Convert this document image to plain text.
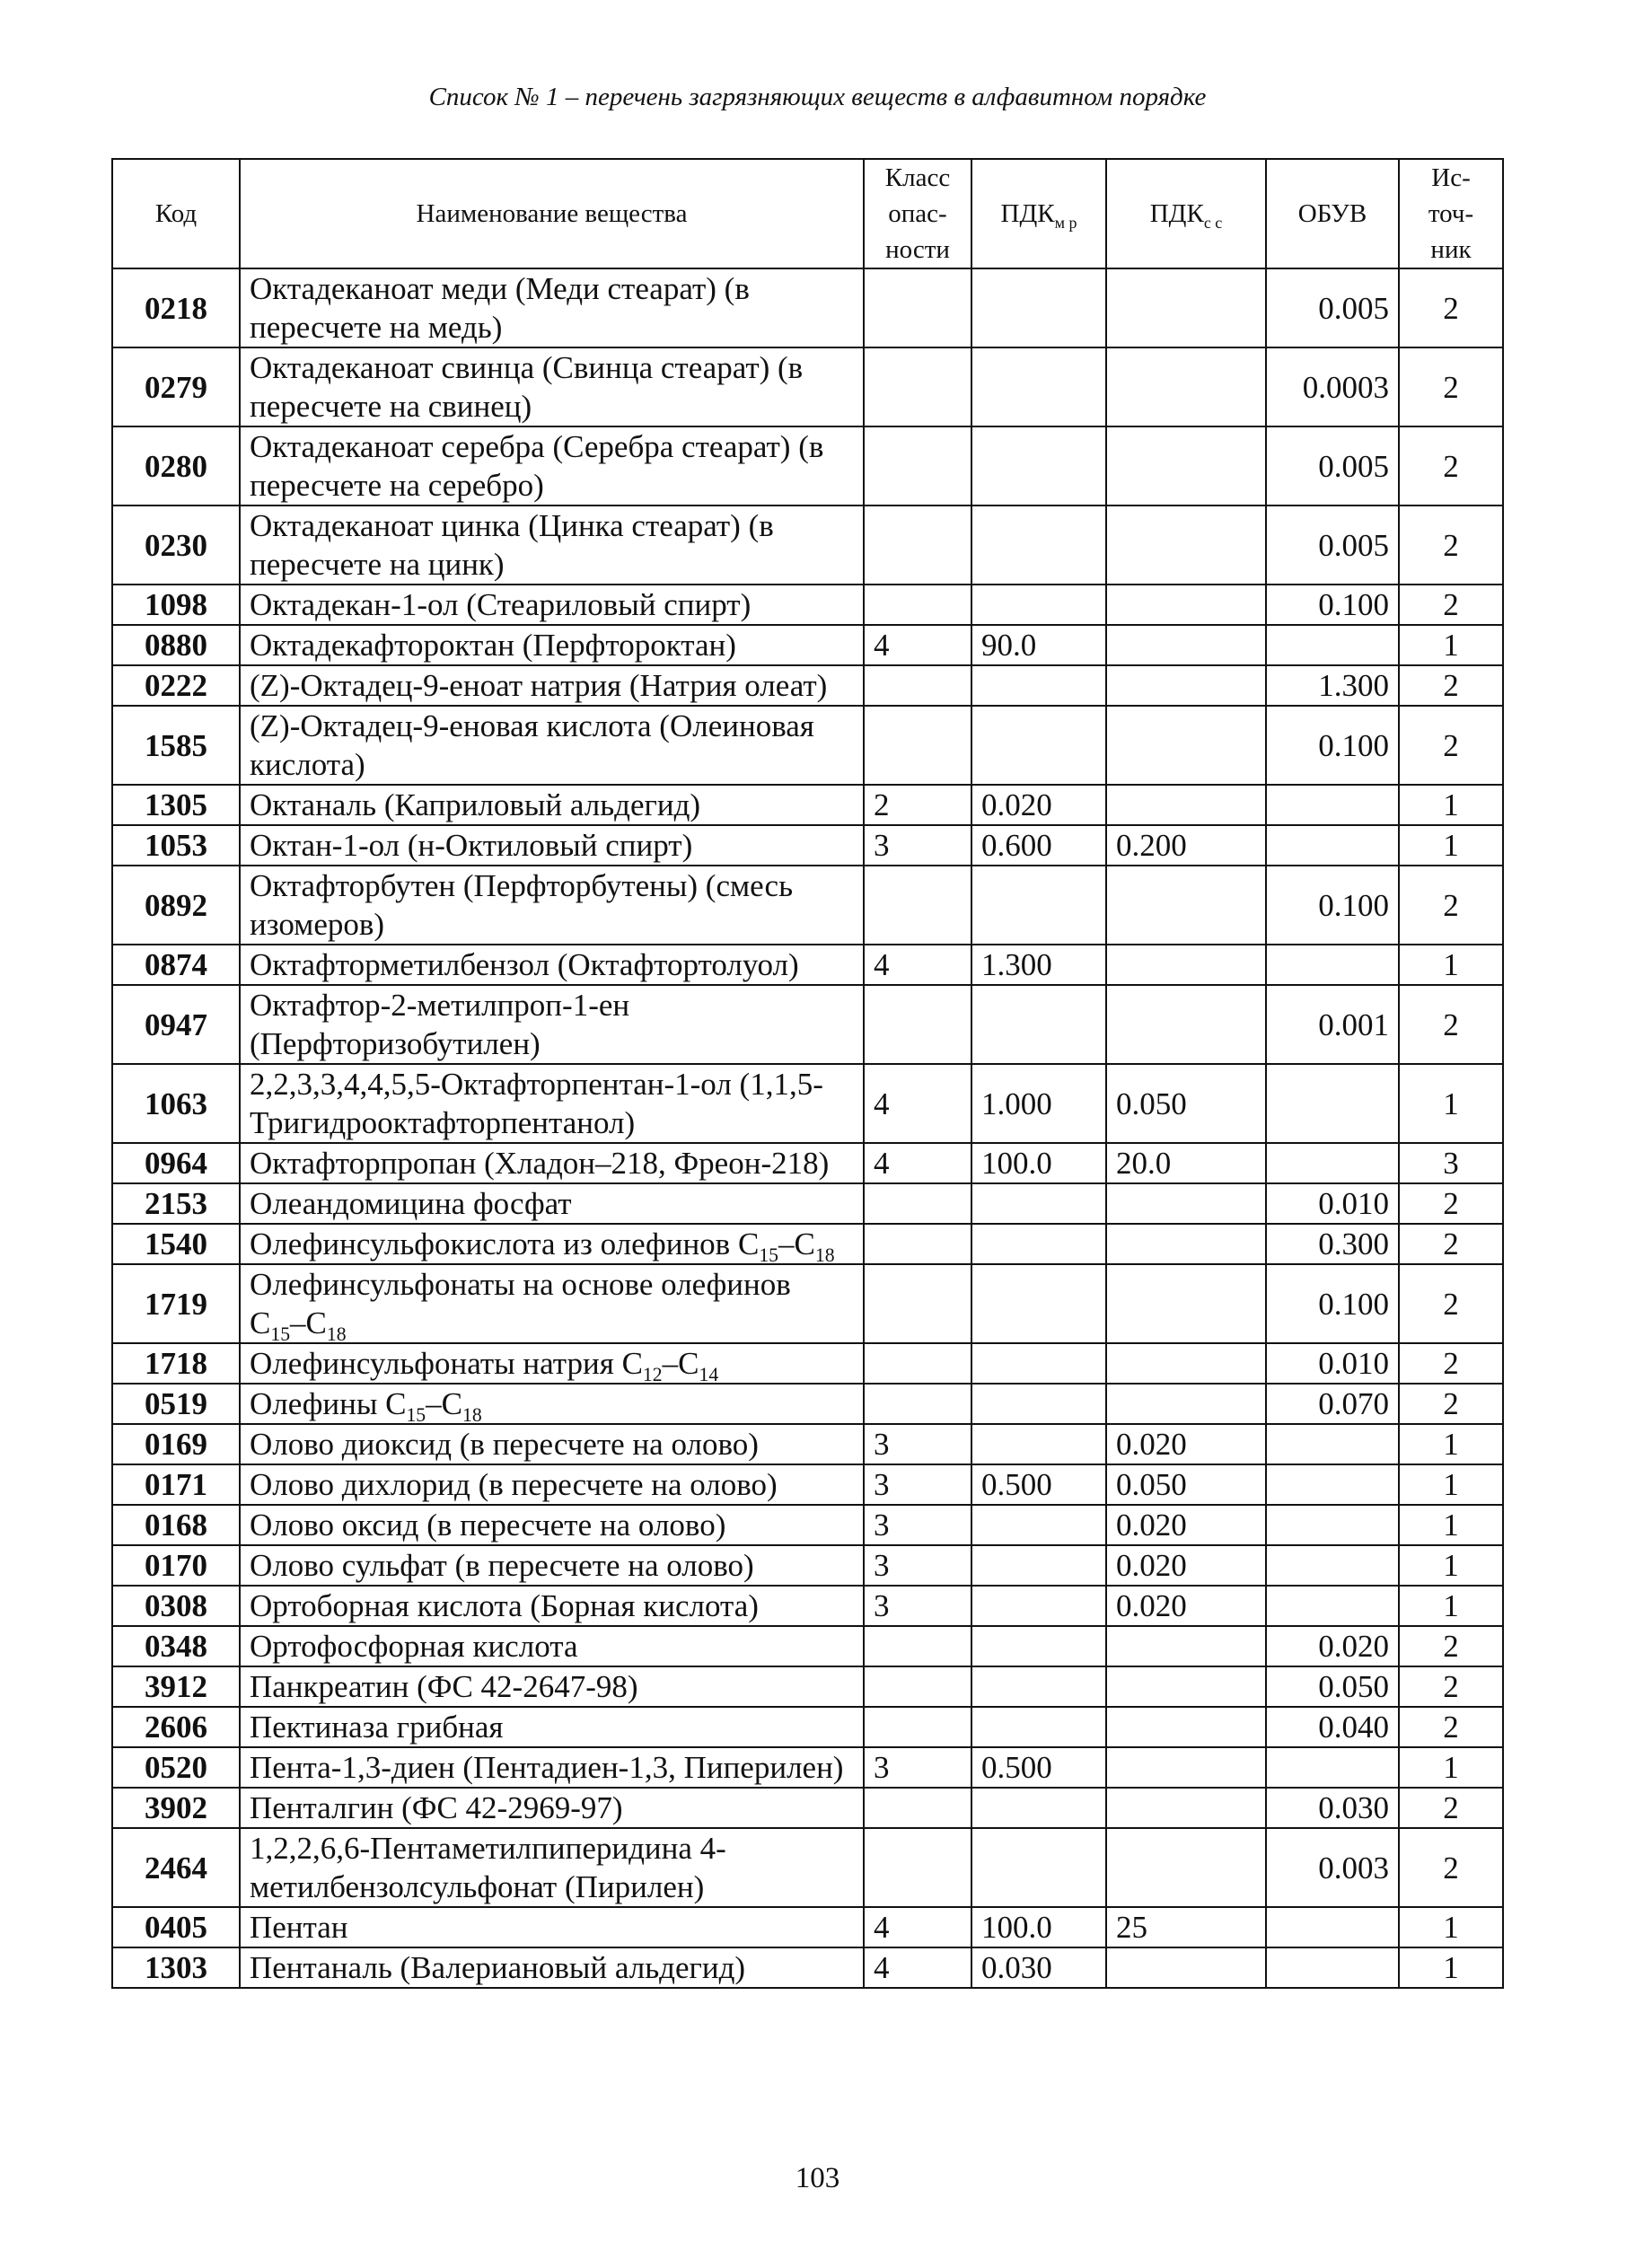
Список № 1 – перечень загрязняющих веществ в алфавитном порядке
Код	Наименование вещества	Класс опас- ности	$ПДК_{м р}$	$ПДК_{с с}$	ОБУВ	Ис- точ- ник
0218	Октадеканоат меди (Меди стеарат) (в пересчете на медь)				0.005	2
0279	Октадеканоат свинца (Свинца стеарат) (в пересчете на свинец)				0.0003	2
0280	Октадеканоат серебра (Серебра стеарат) (в пересчете на серебро)				0.005	2
0230	Октадеканоат цинка (Цинка стеарат) (в пересчете на цинк)				0.005	2
1098	Октадекан-1-ол (Стеариловый спирт)				0.100	2
0880	Октадекафтороктан (Перфтороктан)	4	90.0			1
0222	(Z)-Октадец-9-еноат натрия (Натрия олеат)				1.300	2
1585	(Z)-Октадец-9-еновая кислота (Олеиновая кислота)				0.100	2
1305	Октаналь (Каприловый альдегид)	2	0.020			1
1053	Октан-1-ол (н-Октиловый спирт)	3	0.600	0.200		1
0892	Октафторбутен (Перфторбутены) (смесь изомеров)				0.100	2
0874	Октафторметилбензол (Октафтортолуол)	4	1.300			1
0947	Октафтор-2-метилпроп-1-ен (Перфторизобутилен)				0.001	2
1063	2,2,3,3,4,4,5,5-Октафторпентан-1-ол (1,1,5-Тригидрооктафторпентанол)	4	1.000	0.050		1
0964	Октафторпропан (Хладон–218, Фреон-218)	4	100.0	20.0		3
2153	Олеандомицина фосфат				0.010	2
1540	Олефинсульфокислота из олефинов $C_{15}-C_{18}$				0.300	2
1719	Олефинсульфонаты на основе олефинов $C_{15}-C_{18}$				0.100	2
1718	Олефинсульфонаты натрия $C_{12}-C_{14}$				0.010	2
0519	Олефины $C_{15}-C_{18}$				0.070	2
0169	Олово диоксид (в пересчете на олово)	3		0.020		1
0171	Олово дихлорид (в пересчете на олово)	3	0.500	0.050		1
0168	Олово оксид (в пересчете на олово)	3		0.020		1
0170	Олово сульфат (в пересчете на олово)	3		0.020		1
0308	Ортоборная кислота (Борная кислота)	3		0.020		1
0348	Ортофосфорная кислота				0.020	2
3912	Панкреатин (ФС 42-2647-98)				0.050	2
2606	Пектиназа грибная				0.040	2
0520	Пента-1,3-диен (Пентадиен-1,3, Пиперилен)	3	0.500			1
3902	Пенталгин (ФС 42-2969-97)				0.030	2
2464	1,2,2,6,6-Пентаметилпиперидина 4-метилбензолсульфонат (Пирилен)				0.003	2
0405	Пентан	4	100.0	25		1
1303	Пентаналь (Валериановый альдегид)	4	0.030			1
103
